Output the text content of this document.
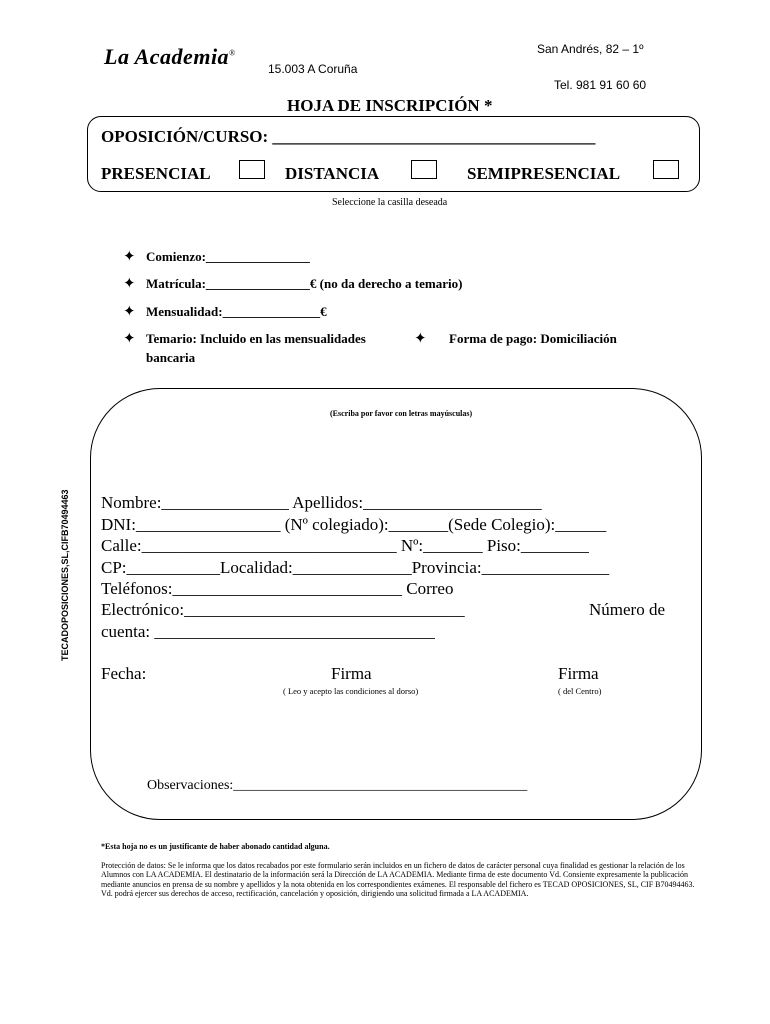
La Academia®
15.003 A Coruña
San Andrés, 82 – 1º
Tel. 981 91 60 60
HOJA DE INSCRIPCIÓN *
OPOSICIÓN/CURSO: ______________________________________
PRESENCIAL	DISTANCIA	SEMIPRESENCIAL
Seleccione la casilla deseada
✦ Comienzo:________________
✦ Matrícula:________________€ (no da derecho a temario)
✦ Mensualidad:_______________€
✦ Temario: Incluido en las mensualidades	✦ Forma de pago: Domiciliación
bancaria
TECADOPOSICIONES,SL,CIFB70494463
(Escriba por favor con letras mayúsculas)
Nombre:_______________ Apellidos:_____________________
DNI:_________________ (Nº colegiado):_______(Sede Colegio):______
Calle:______________________________ Nº:_______ Piso:________
CP:___________Localidad:______________Provincia:_______________
Teléfonos:___________________________ Correo
Electrónico:_________________________________	Número de
cuenta: _________________________________
Fecha:	Firma
( Leo y acepto las condiciones al dorso)
Firma
( del Centro)
Observaciones:__________________________________________
*Esta hoja no es un justificante de haber abonado cantidad alguna.
Protección de datos: Se le informa que los datos recabados por este formulario serán incluidos en un fichero de datos de carácter personal cuya finalidad es gestionar la relación de los Alumnos con LA ACADEMIA. El destinatario de la información será la Dirección de LA ACADEMIA. Mediante firma de este documento Vd. Consiente expresamente la publicación mediante anuncios en prensa de su nombre y apellidos y la nota obtenida en los correspondientes exámenes. El responsable del fichero es TECAD OPOSICIONES, SL, CIF B70494463.
Vd. podrá ejercer sus derechos de acceso, rectificación, cancelación y oposición, dirigiendo una solicitud firmada a LA ACADEMIA.
